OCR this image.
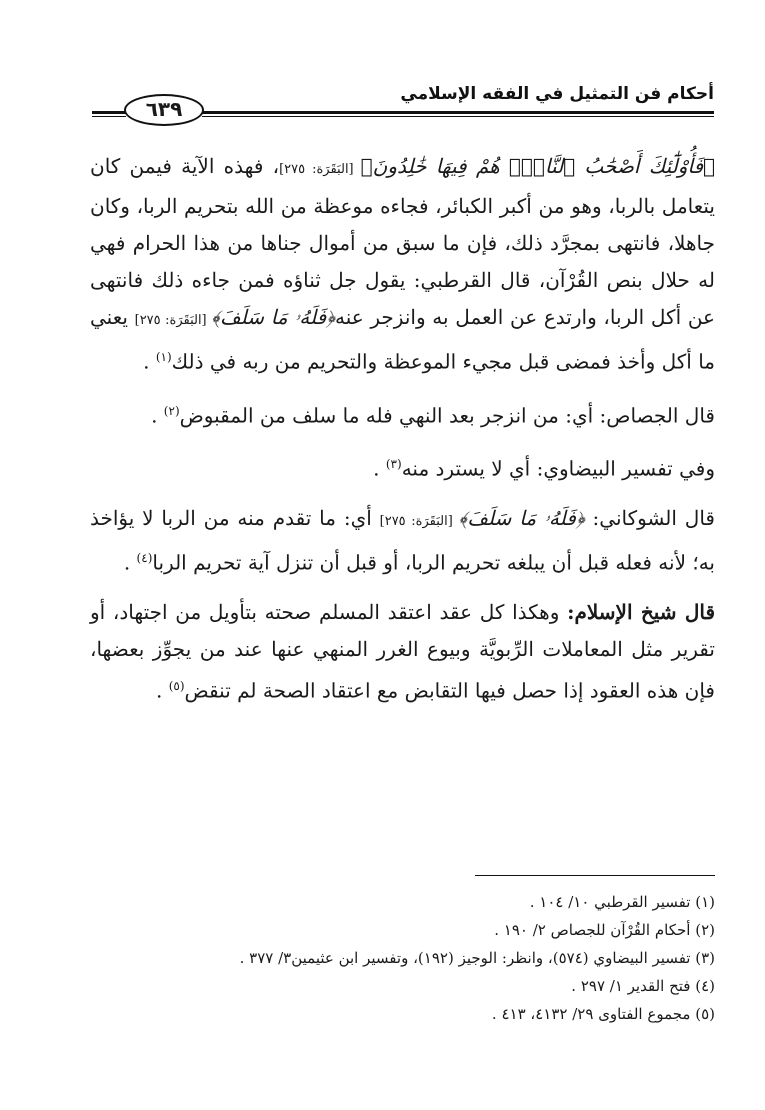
٦٣٩
أحكام فن التمثيل في الفقه الإسلامي

﴿فَأُوْلَٰٓئِكَ أَصْحَٰبُ ٱلنَّارِۖ هُمْ فِيهَا خَٰلِدُونَ﴾ [البَقَرَة: ٢٧٥]، فهذه الآية فيمن كان يتعامل بالربا، وهو من أكبر الكبائر، فجاءه موعظة من الله بتحريم الربا، وكان جاهلا، فانتهى بمجرَّد ذلك، فإن ما سبق من أموال جناها من هذا الحرام فهي له حلال بنص القُرْآن، قال القرطبي: يقول جل ثناؤه فمن جاءه ذلك فانتهى عن أكل الربا، وارتدع عن العمل به وانزجر عنه﴿فَلَهُۥ مَا سَلَفَ﴾ [البَقَرَة: ٢٧٥] يعني ما أكل وأخذ فمضى قبل مجيء الموعظة والتحريم من ربه في ذلك$^{(١)}$ .

قال الجصاص: أي: من انزجر بعد النهي فله ما سلف من المقبوض$^{(٢)}$ .

وفي تفسير البيضاوي: أي لا يسترد منه$^{(٣)}$ .

قال الشوكاني: ﴿فَلَهُۥ مَا سَلَفَ﴾ [البَقَرَة: ٢٧٥] أي: ما تقدم منه من الربا لا يؤاخذ به؛ لأنه فعله قبل أن يبلغه تحريم الربا، أو قبل أن تنزل آية تحريم الربا$^{(٤)}$ .

قال شيخ الإسلام: وهكذا كل عقد اعتقد المسلم صحته بتأويل من اجتهاد، أو تقرير مثل المعاملات الرِّبويَّة وبيوع الغرر المنهي عنها عند من يجوِّز بعضها، فإن هذه العقود إذا حصل فيها التقابض مع اعتقاد الصحة لم تنقض$^{(٥)}$ .

(١) تفسير القرطبي ١٠/ ١٠٤ .
(٢) أحكام القُرْآن للجصاص ٢/ ١٩٠ .
(٣) تفسير البيضاوي (٥٧٤)، وانظر: الوجيز (١٩٢)، وتفسير ابن عثيمين٣/ ٣٧٧ .
(٤) فتح القدير ١/ ٢٩٧ .
(٥) مجموع الفتاوى ٢٩/ ٤١٣٢، ٤١٣ .
